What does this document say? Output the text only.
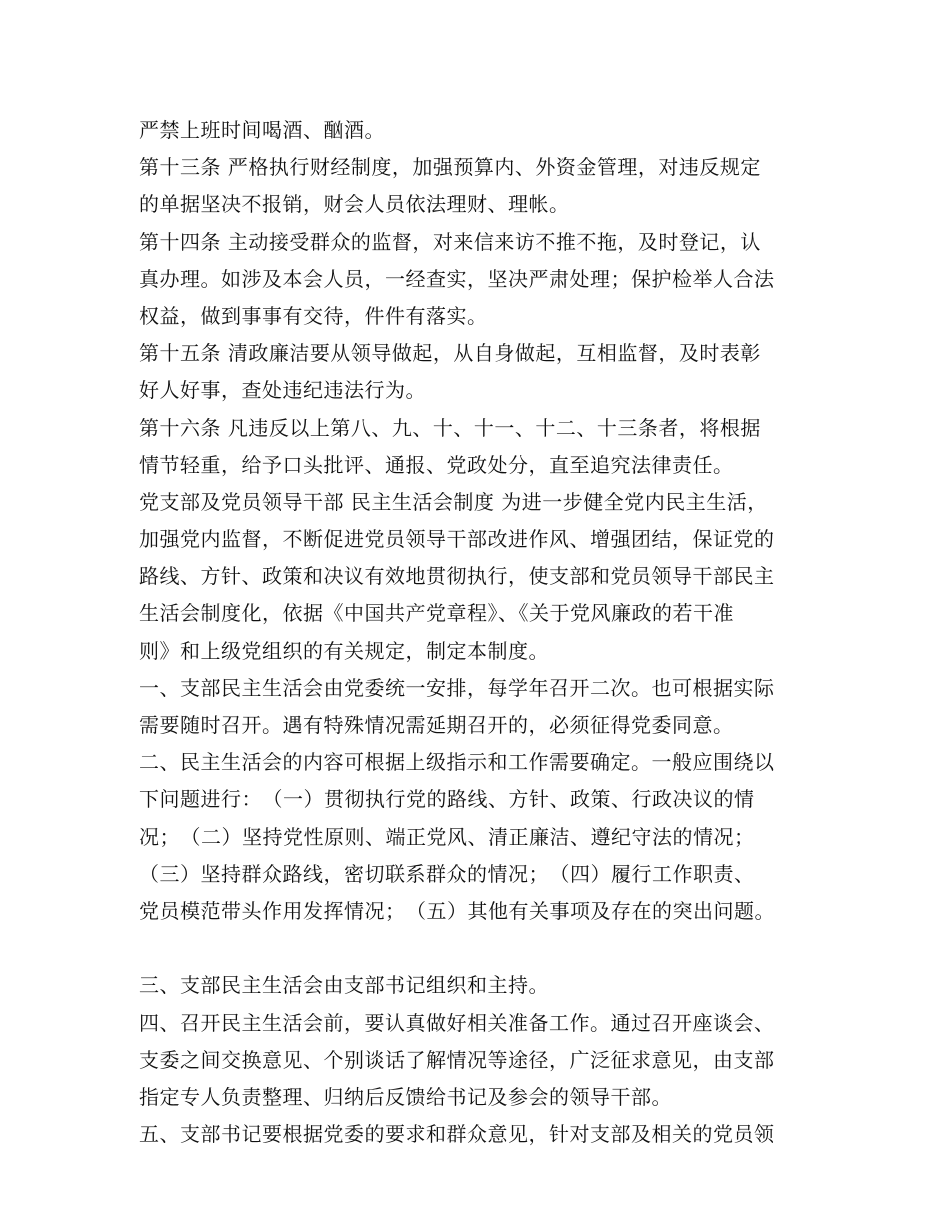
严禁上班时间喝酒、酗酒。
第十三条 严格执行财经制度，加强预算内、外资金管理，对违反规定
的单据坚决不报销，财会人员依法理财、理帐。
第十四条 主动接受群众的监督，对来信来访不推不拖，及时登记，认
真办理。如涉及本会人员，一经查实，坚决严肃处理；保护检举人合法
权益，做到事事有交待，件件有落实。
第十五条 清政廉洁要从领导做起，从自身做起，互相监督，及时表彰
好人好事，查处违纪违法行为。
第十六条 凡违反以上第八、九、十、十一、十二、十三条者，将根据
情节轻重，给予口头批评、通报、党政处分，直至追究法律责任。
党支部及党员领导干部 民主生活会制度 为进一步健全党内民主生活，
加强党内监督，不断促进党员领导干部改进作风、增强团结，保证党的
路线、方针、政策和决议有效地贯彻执行，使支部和党员领导干部民主
生活会制度化，依据《中国共产党章程》、《关于党风廉政的若干准
则》和上级党组织的有关规定，制定本制度。
一、支部民主生活会由党委统一安排，每学年召开二次。也可根据实际
需要随时召开。遇有特殊情况需延期召开的，必须征得党委同意。
二、民主生活会的内容可根据上级指示和工作需要确定。一般应围绕以
下问题进行：　（一）贯彻执行党的路线、方针、政策、行政决议的情
况；　（二）坚持党性原则、端正党风、清正廉洁、遵纪守法的情况；
（三）坚持群众路线，密切联系群众的情况；　（四）履行工作职责、
党员模范带头作用发挥情况；　（五）其他有关事项及存在的突出问题。
三、支部民主生活会由支部书记组织和主持。
四、召开民主生活会前，要认真做好相关准备工作。通过召开座谈会、
支委之间交换意见、个别谈话了解情况等途径，广泛征求意见，由支部
指定专人负责整理、归纳后反馈给书记及参会的领导干部。
五、支部书记要根据党委的要求和群众意见，针对支部及相关的党员领
